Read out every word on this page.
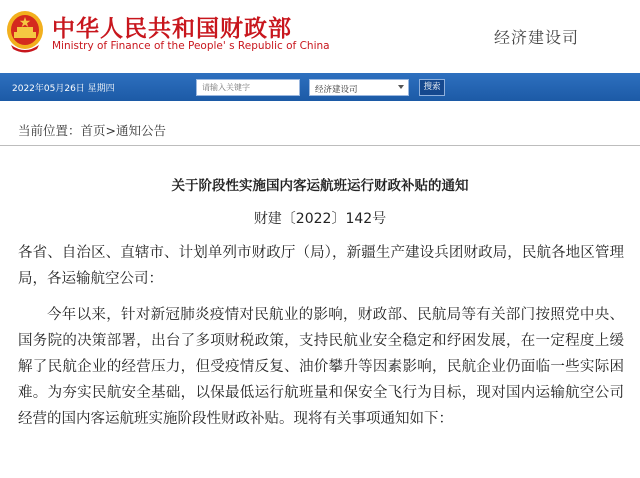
中华人民共和国财政部
Ministry of Finance of the People' s Republic of China	经济建设司
2022年05月26日 星期四
请输入关键字	经济建设司	搜索
当前位置：首页>通知公告
关于阶段性实施国内客运航班运行财政补贴的通知
财建〔2022〕142号
各省、自治区、直辖市、计划单列市财政厅（局），新疆生产建设兵团财政局，民航各地区管理局，各运输航空公司：
今年以来，针对新冠肺炎疫情对民航业的影响，财政部、民航局等有关部门按照党中央、国务院的决策部署，出台了多项财税政策，支持民航业安全稳定和纾困发展，在一定程度上缓解了民航企业的经营压力，但受疫情反复、油价攀升等因素影响，民航企业仍面临一些实际困难。为夯实民航安全基础，以保最低运行航班量和保安全飞行为目标，现对国内运输航空公司经营的国内客运航班实施阶段性财政补贴。现将有关事项通知如下：
